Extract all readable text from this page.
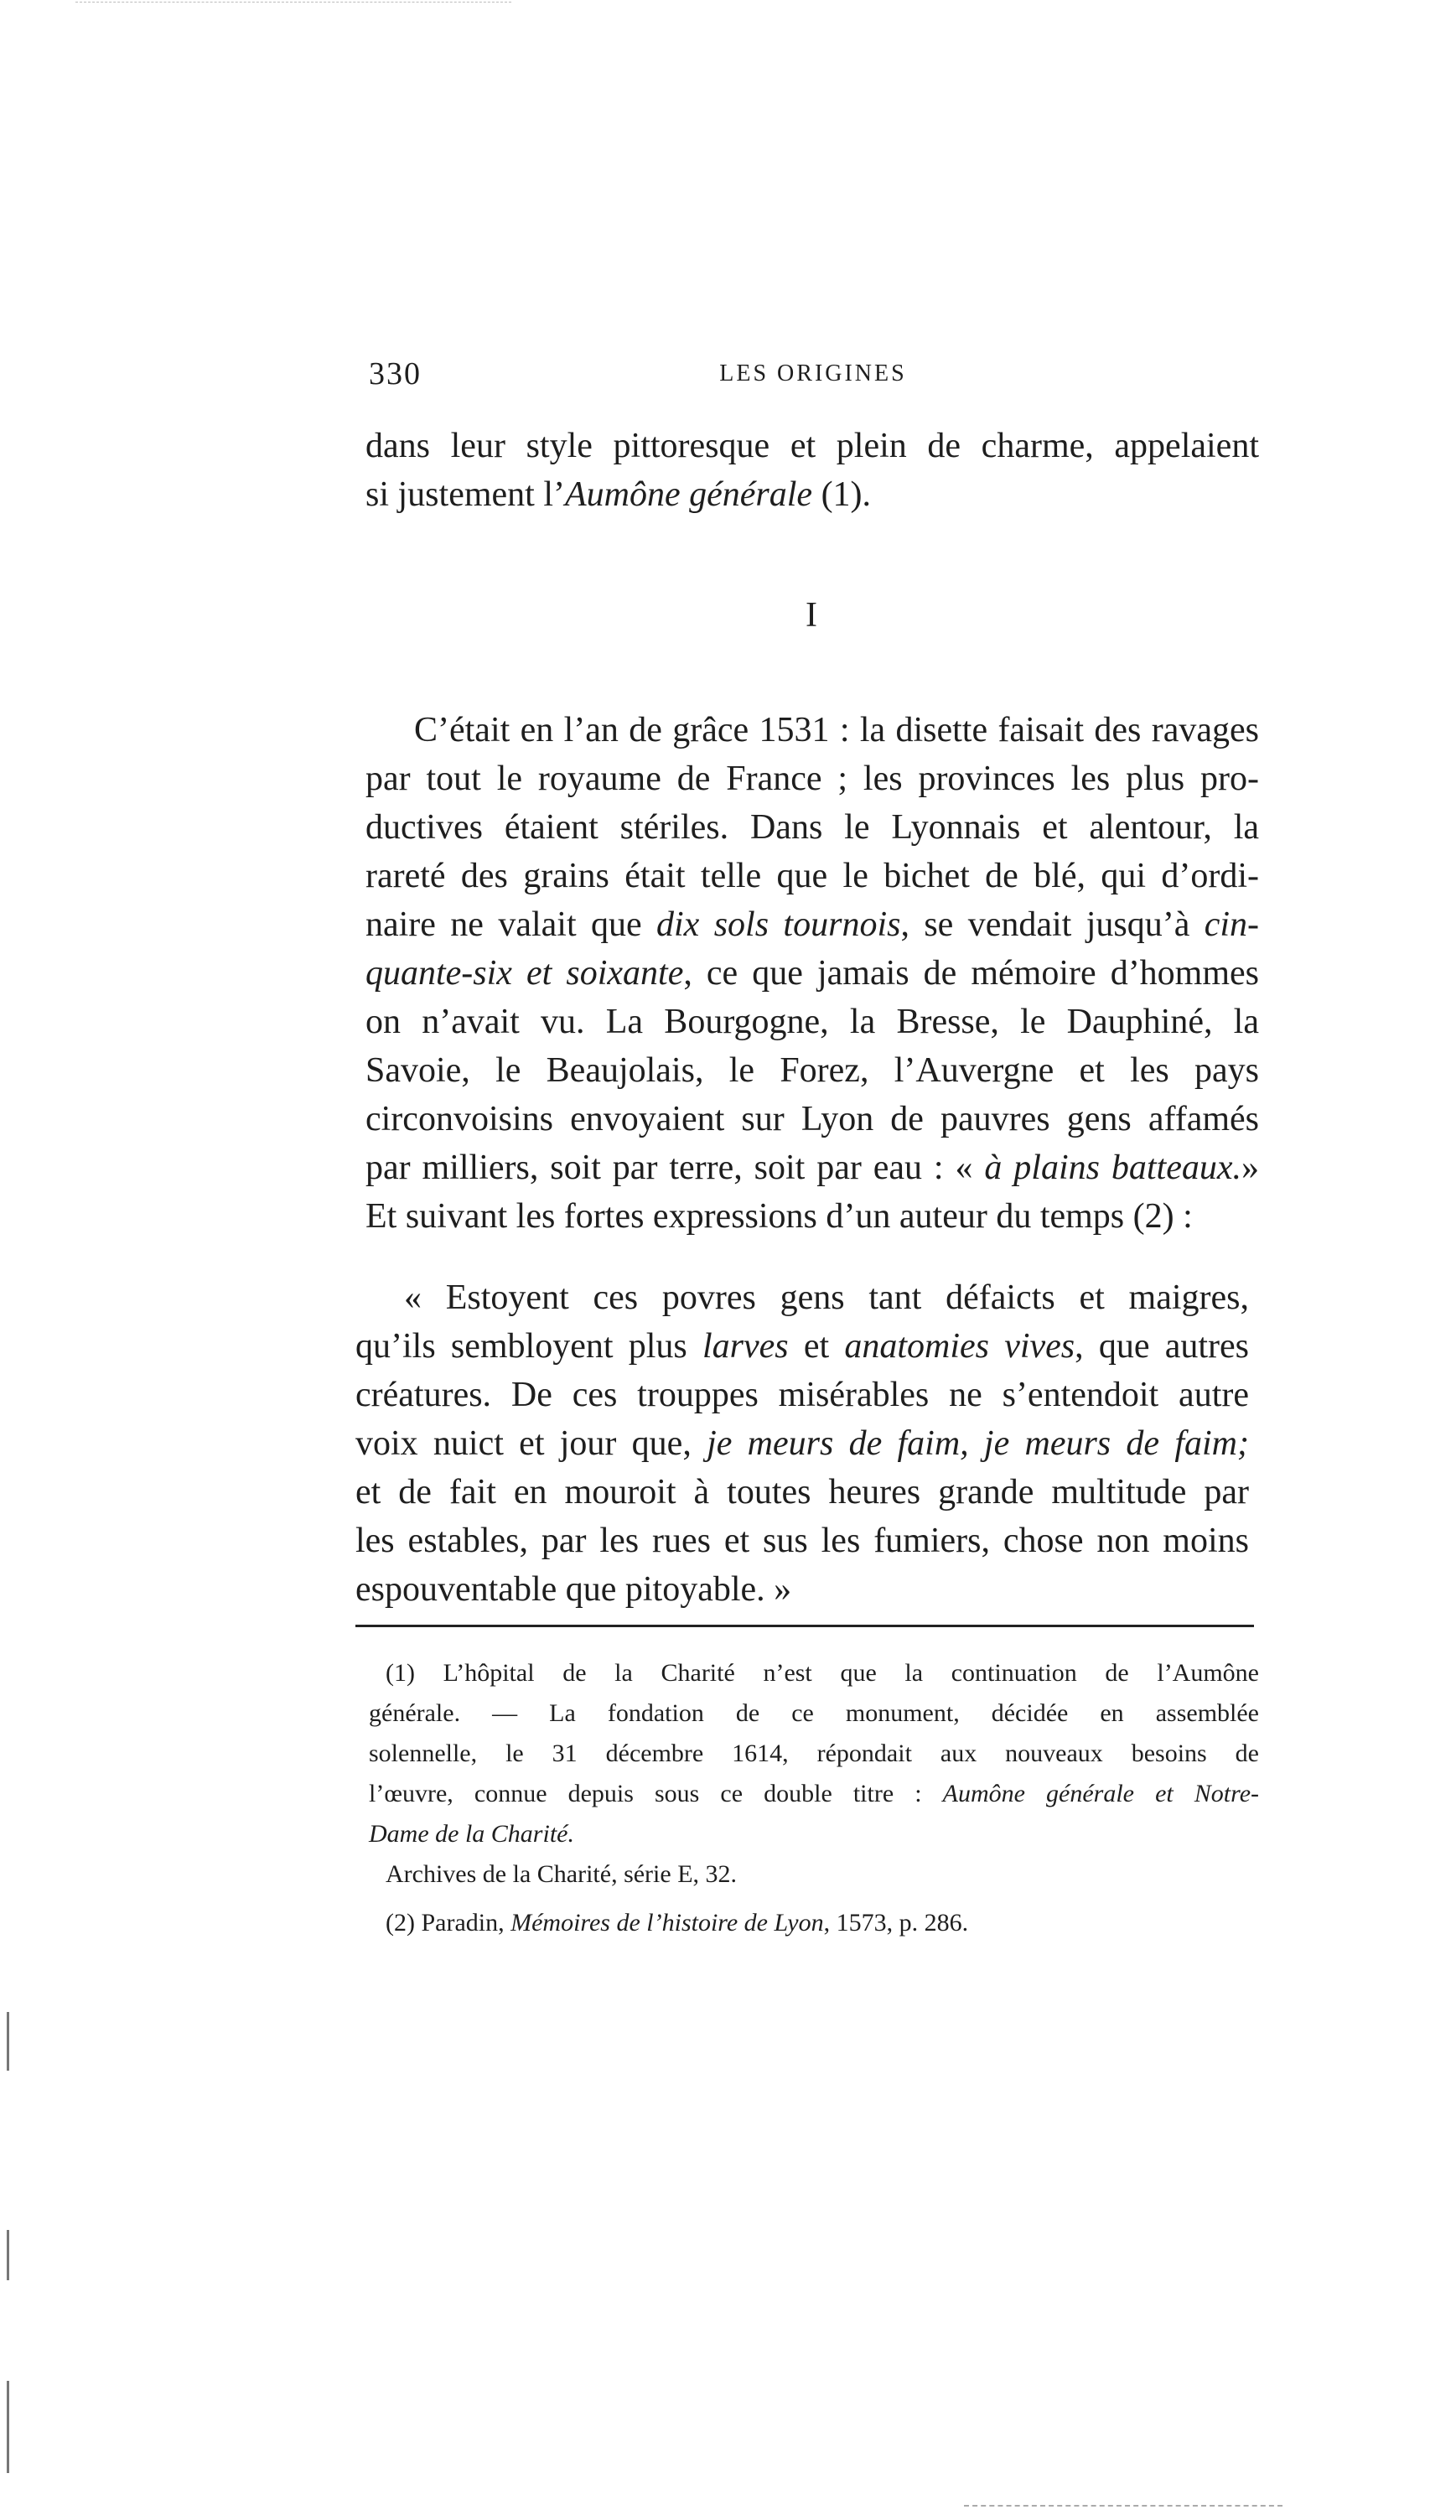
330	LES ORIGINES
dans leur style pittoresque et plein de charme, appelaient
si justement l’Aumône générale (1).
I
C’était en l’an de grâce 1531 : la disette faisait des ravages
par tout le royaume de France ; les provinces les plus pro-
ductives étaient stériles. Dans le Lyonnais et alentour, la
rareté des grains était telle que le bichet de blé, qui d’ordi-
naire ne valait que dix sols tournois, se vendait jusqu’à cin-
quante-six et soixante, ce que jamais de mémoire d’hommes
on n’avait vu. La Bourgogne, la Bresse, le Dauphiné, la
Savoie, le Beaujolais, le Forez, l’Auvergne et les pays
circonvoisins envoyaient sur Lyon de pauvres gens affamés
par milliers, soit par terre, soit par eau : « à plains batteaux.»
Et suivant les fortes expressions d’un auteur du temps (2) :
« Estoyent ces povres gens tant défaicts et maigres,
qu’ils sembloyent plus larves et anatomies vives, que autres
créatures. De ces trouppes misérables ne s’entendoit autre
voix nuict et jour que, je meurs de faim, je meurs de faim;
et de fait en mouroit à toutes heures grande multitude par
les estables, par les rues et sus les fumiers, chose non moins
espouventable que pitoyable. »
(1) L’hôpital de la Charité n’est que la continuation de l’Aumône
générale. — La fondation de ce monument, décidée en assemblée
solennelle, le 31 décembre 1614, répondait aux nouveaux besoins de
l’œuvre, connue depuis sous ce double titre : Aumône générale et Notre-
Dame de la Charité.
Archives de la Charité, série E, 32.
(2) Paradin, Mémoires de l’histoire de Lyon, 1573, p. 286.
